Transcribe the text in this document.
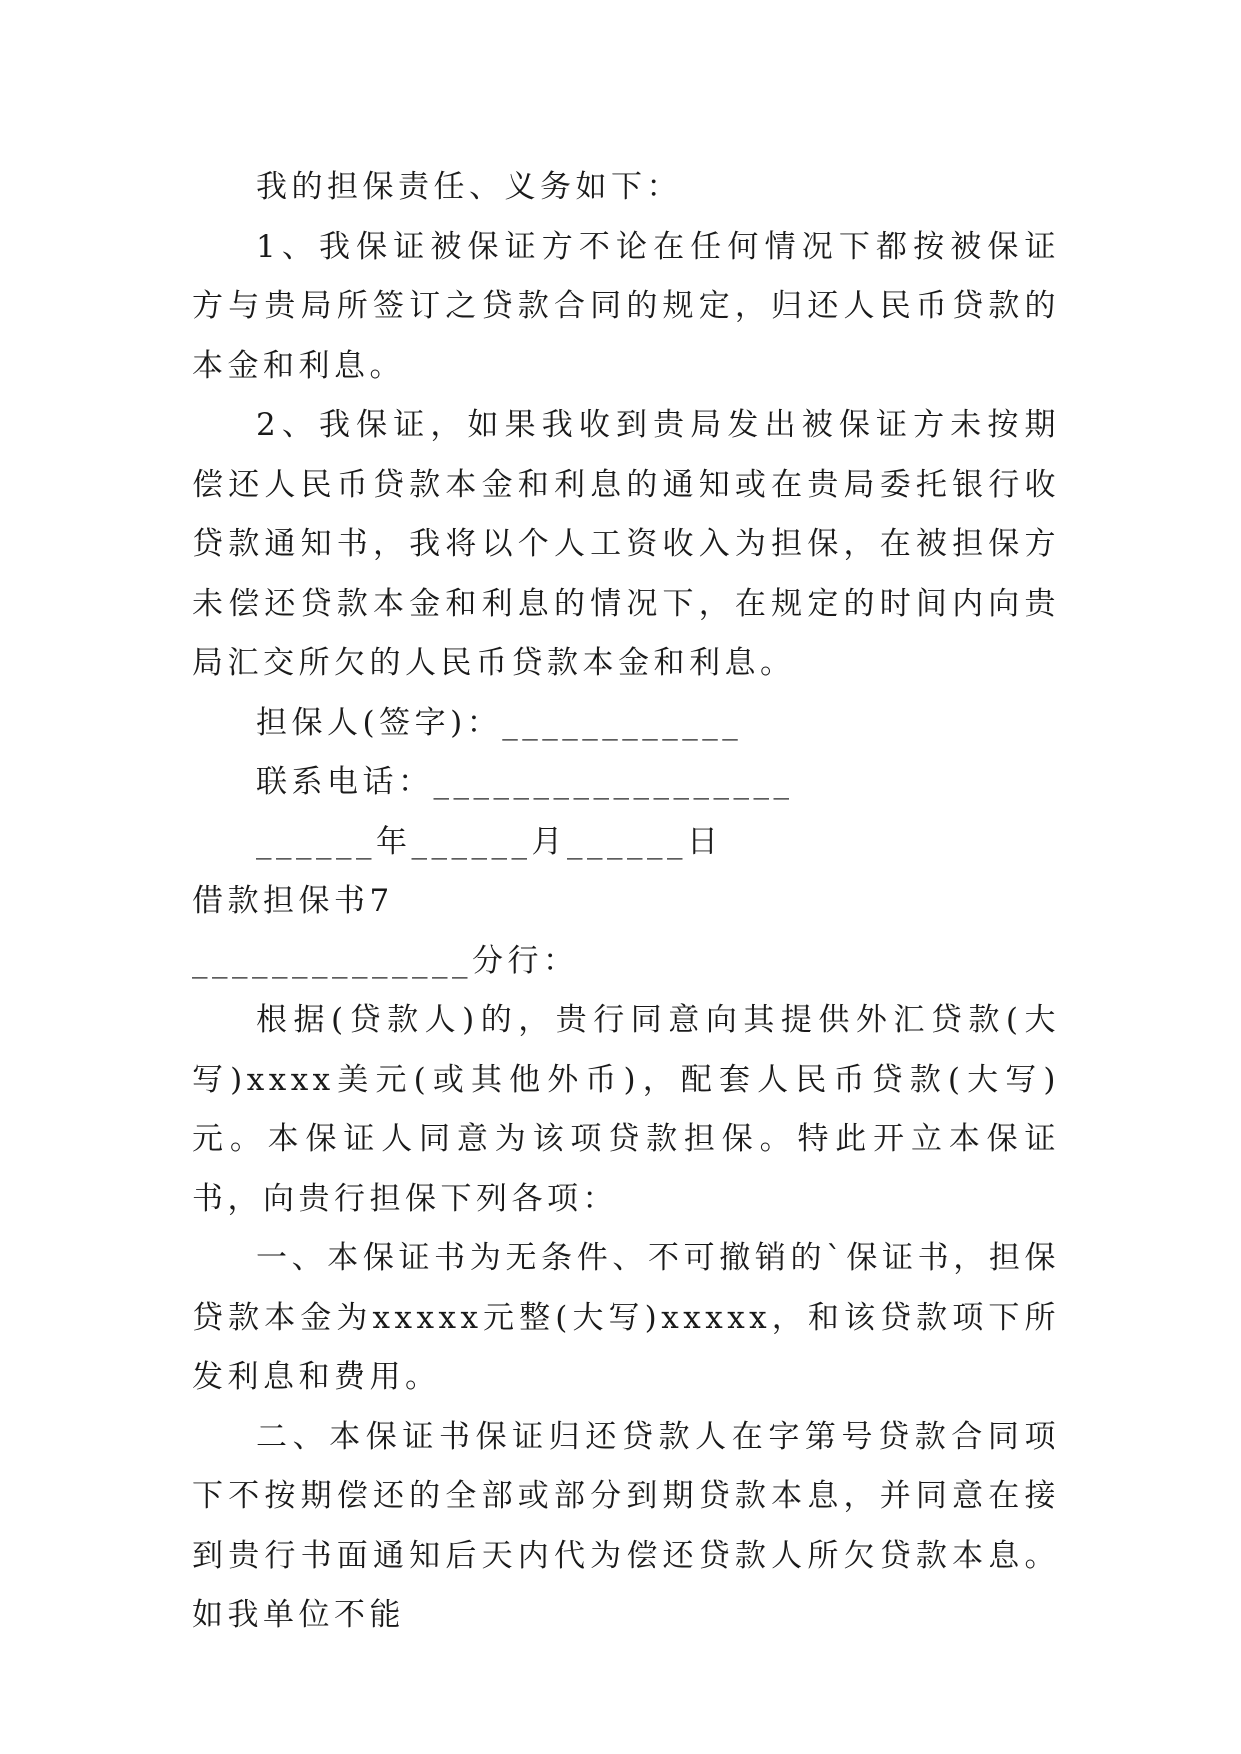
我的担保责任、义务如下：

1、我保证被保证方不论在任何情况下都按被保证方与贵局所签订之贷款合同的规定，归还人民币贷款的本金和利息。

2、我保证，如果我收到贵局发出被保证方未按期偿还人民币贷款本金和利息的通知或在贵局委托银行收贷款通知书，我将以个人工资收入为担保，在被担保方未偿还贷款本金和利息的情况下，在规定的时间内向贵局汇交所欠的人民币贷款本金和利息。

担保人(签字)：____________

联系电话：__________________

______年______月______日

借款担保书7

______________分行：

根据(贷款人)的，贵行同意向其提供外汇贷款(大写)xxxx美元(或其他外币)，配套人民币贷款(大写)元。本保证人同意为该项贷款担保。特此开立本保证书，向贵行担保下列各项：

一、本保证书为无条件、不可撤销的`保证书，担保贷款本金为xxxxx元整(大写)xxxxx，和该贷款项下所发利息和费用。

二、本保证书保证归还贷款人在字第号贷款合同项下不按期偿还的全部或部分到期贷款本息，并同意在接到贵行书面通知后天内代为偿还贷款人所欠贷款本息。如我单位不能
